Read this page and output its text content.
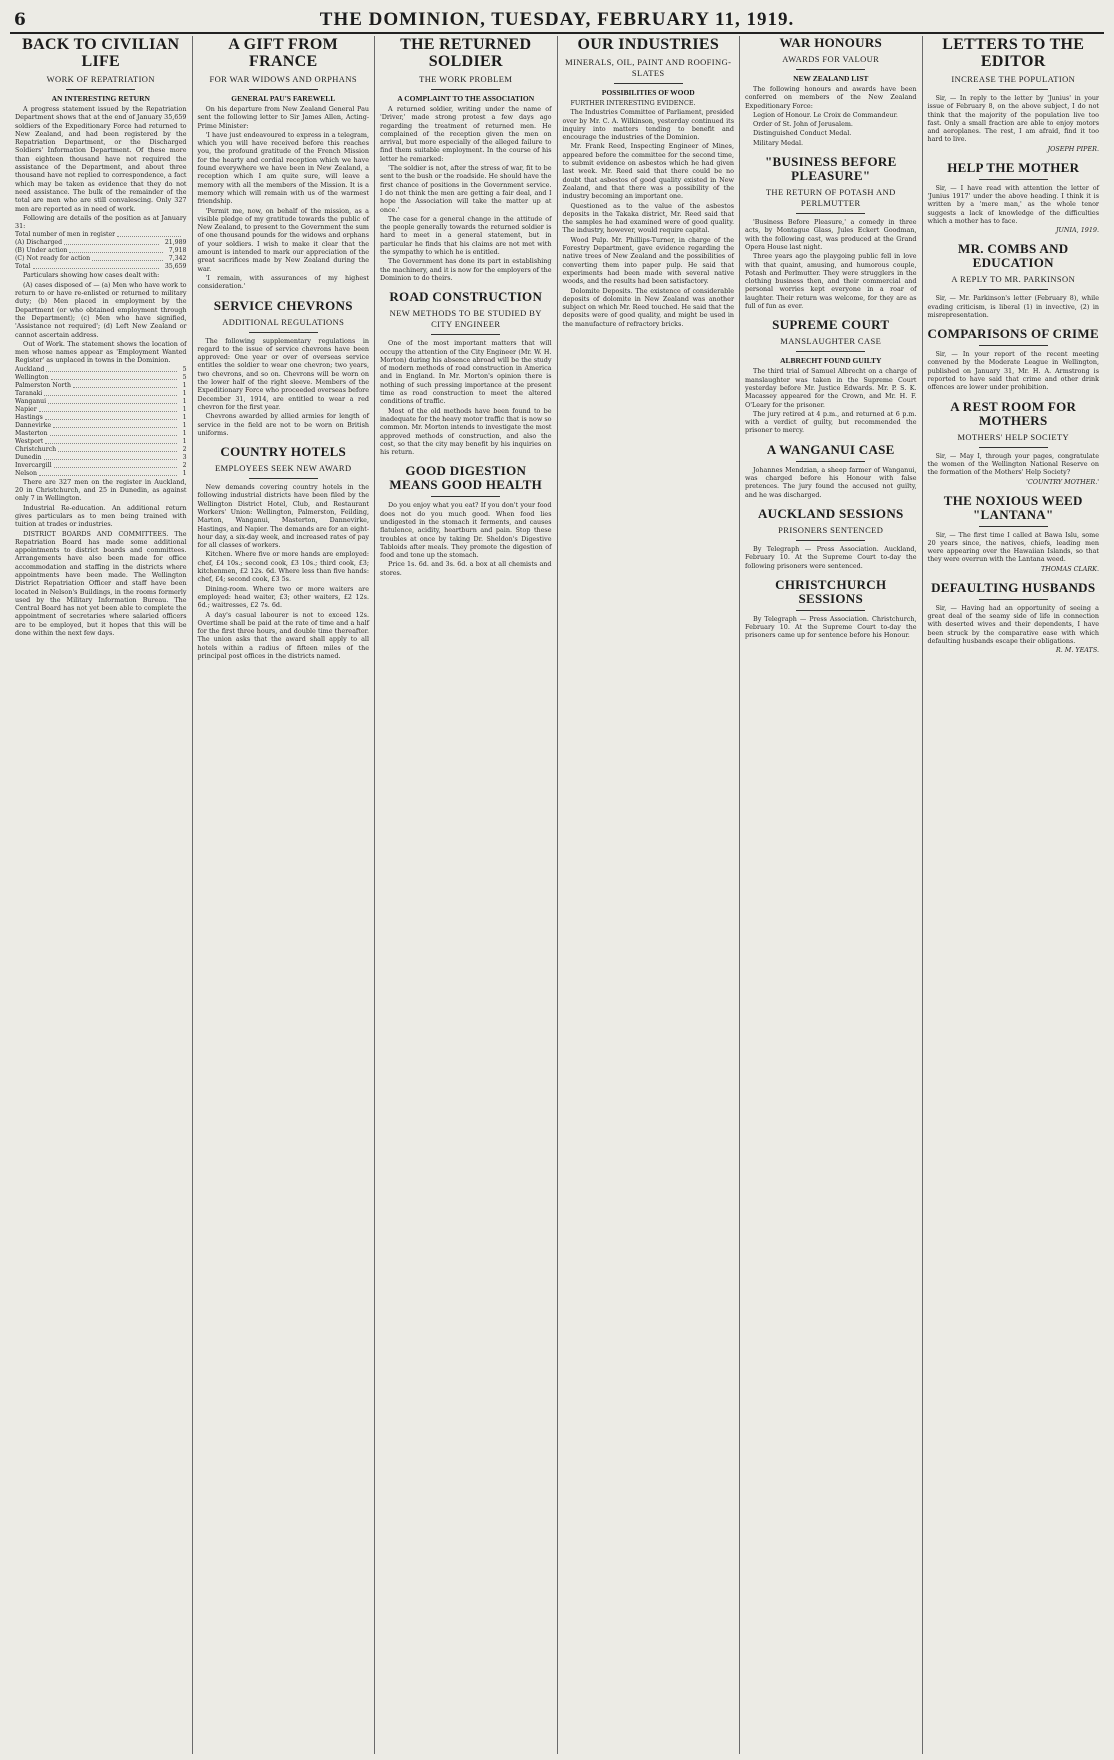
6	THE DOMINION, TUESDAY, FEBRUARY 11, 1919.
BACK TO CIVILIAN LIFE
WORK OF REPATRIATION
AN INTERESTING RETURN

A progress statement issued by the Repatriation Department shows that at the end of January 35,659 soldiers of the Expeditionary Force had returned to New Zealand, and had been registered by the Repatriation Department, or the Discharged Soldiers' Information Department. Of these more than eighteen thousand have not required the assistance of the Department, and about three thousand have not replied to correspondence, a fact which may be taken as evidence that they do not need assistance. The bulk of the remainder of the total are men who are still convalescing. Only 327 men are reported as in need of work.

Following are details of the position as at January 31:

Total number of men in register
(A) Discharged	21,989
(B) Under action	7,918
(C) Not ready for action	7,342
Total	35,659

Particulars showing how cases dealt with:

(A) cases disposed of — (a) Men who have work to return to or have re-enlisted or returned to military duty; (b) Men placed in employment by the Department (or who obtained employment through the Department); (c) Men who have signified, 'Assistance not required'; (d) Left New Zealand or cannot ascertain address.

Out of Work. The statement shows the location of men whose names appear as 'Employment Wanted Register' as unplaced in towns in the Dominion.

Auckland	5
Wellington	5
Palmerston North	1
Taranaki	1
Wanganui	1
Napier	1
Hastings	1
Dannevirke	1
Masterton	1
Westport	1
Christchurch	2
Dunedin	3
Invercargill	2
Nelson	1

There are 327 men on the register in Auckland, 20 in Christchurch, and 25 in Dunedin, as against only 7 in Wellington.

Industrial Re-education. An additional return gives particulars as to men being trained with tuition at trades or industries.

DISTRICT BOARDS AND COMMITTEES. The Repatriation Board has made some additional appointments to district boards and committees. Arrangements have also been made for office accommodation and staffing in the districts where appointments have been made. The Wellington District Repatriation Officer and staff have been located in Nelson's Buildings, in the rooms formerly used by the Military Information Bureau. The Central Board has not yet been able to complete the appointment of secretaries where salaried officers are to be employed, but it hopes that this will be done within the next few days.

A GIFT FROM FRANCE
FOR WAR WIDOWS AND ORPHANS
GENERAL PAU'S FAREWELL

On his departure from New Zealand General Pau sent the following letter to Sir James Allen, Acting-Prime Minister:

'I have just endeavoured to express in a telegram, which you will have received before this reaches you, the profound gratitude of the French Mission for the hearty and cordial reception which we have found everywhere we have been in New Zealand, a reception which I am quite sure, will leave a memory with all the members of the Mission. It is a memory which will remain with us of the warmest friendship.

'Permit me, now, on behalf of the mission, as a visible pledge of my gratitude towards the public of New Zealand, to present to the Government the sum of one thousand pounds for the widows and orphans of your soldiers. I wish to make it clear that the amount is intended to mark our appreciation of the great sacrifices made by New Zealand during the war.

'I remain, with assurances of my highest consideration.'

SERVICE CHEVRONS
ADDITIONAL REGULATIONS

The following supplementary regulations in regard to the issue of service chevrons have been approved: One year or over of overseas service entitles the soldier to wear one chevron; two years, two chevrons, and so on. Chevrons will be worn on the lower half of the right sleeve. Members of the Expeditionary Force who proceeded overseas before December 31, 1914, are entitled to wear a red chevron for the first year.

Chevrons awarded by allied armies for length of service in the field are not to be worn on British uniforms.

COUNTRY HOTELS
EMPLOYEES SEEK NEW AWARD

New demands covering country hotels in the following industrial districts have been filed by the Wellington District Hotel, Club, and Restaurant Workers' Union: Wellington, Palmerston, Feilding, Marton, Wanganui, Masterton, Dannevirke, Hastings, and Napier. The demands are for an eight-hour day, a six-day week, and increased rates of pay for all classes of workers.

Kitchen. Where five or more hands are employed: chef, £4 10s.; second cook, £3 10s.; third cook, £3; kitchenmen, £2 12s. 6d. Where less than five hands: chef, £4; second cook, £3 5s.

Dining-room. Where two or more waiters are employed: head waiter, £3; other waiters, £2 12s. 6d.; waitresses, £2 7s. 6d.

A day's casual labourer is not to exceed 12s. Overtime shall be paid at the rate of time and a half for the first three hours, and double time thereafter. The union asks that the award shall apply to all hotels within a radius of fifteen miles of the principal post offices in the districts named.

THE RETURNED SOLDIER
THE WORK PROBLEM
A COMPLAINT TO THE ASSOCIATION

A returned soldier, writing under the name of 'Driver,' made strong protest a few days ago regarding the treatment of returned men. He complained of the reception given the men on arrival, but more especially of the alleged failure to find them suitable employment. In the course of his letter he remarked:

'The soldier is not, after the stress of war, fit to be sent to the bush or the roadside. He should have the first chance of positions in the Government service. I do not think the men are getting a fair deal, and I hope the Association will take the matter up at once.'

The case for a general change in the attitude of the people generally towards the returned soldier is hard to meet in a general statement, but in particular he finds that his claims are not met with the sympathy to which he is entitled.

The Government has done its part in establishing the machinery, and it is now for the employers of the Dominion to do theirs.

ROAD CONSTRUCTION
NEW METHODS TO BE STUDIED BY CITY ENGINEER

One of the most important matters that will occupy the attention of the City Engineer (Mr. W. H. Morton) during his absence abroad will be the study of modern methods of road construction in America and in England. In Mr. Morton's opinion there is nothing of such pressing importance at the present time as road construction to meet the altered conditions of traffic.

Most of the old methods have been found to be inadequate for the heavy motor traffic that is now so common. Mr. Morton intends to investigate the most approved methods of construction, and also the cost, so that the city may benefit by his inquiries on his return.

GOOD DIGESTION MEANS GOOD HEALTH

Do you enjoy what you eat? If you don't your food does not do you much good. When food lies undigested in the stomach it ferments, and causes flatulence, acidity, heartburn and pain. Stop these troubles at once by taking Dr. Sheldon's Digestive Tabloids after meals. They promote the digestion of food and tone up the stomach.

Price 1s. 6d. and 3s. 6d. a box at all chemists and stores.

OUR INDUSTRIES
MINERALS, OIL, PAINT AND ROOFING-SLATES
POSSIBILITIES OF WOOD

FURTHER INTERESTING EVIDENCE.

The Industries Committee of Parliament, presided over by Mr. C. A. Wilkinson, yesterday continued its inquiry into matters tending to benefit and encourage the industries of the Dominion.

Mr. Frank Reed, Inspecting Engineer of Mines, appeared before the committee for the second time, to submit evidence on asbestos which he had given last week. Mr. Reed said that there could be no doubt that asbestos of good quality existed in New Zealand, and that there was a possibility of the industry becoming an important one.

Questioned as to the value of the asbestos deposits in the Takaka district, Mr. Reed said that the samples he had examined were of good quality. The industry, however, would require capital.

Wood Pulp. Mr. Phillips-Turner, in charge of the Forestry Department, gave evidence regarding the native trees of New Zealand and the possibilities of converting them into paper pulp. He said that experiments had been made with several native woods, and the results had been satisfactory.

Dolomite Deposits. The existence of considerable deposits of dolomite in New Zealand was another subject on which Mr. Reed touched. He said that the deposits were of good quality, and might be used in the manufacture of refractory bricks.

WAR HONOURS
AWARDS FOR VALOUR
NEW ZEALAND LIST

The following honours and awards have been conferred on members of the New Zealand Expeditionary Force:

Legion of Honour. Le Croix de Commandeur.

Order of St. John of Jerusalem.

Distinguished Conduct Medal.

Military Medal.

"BUSINESS BEFORE PLEASURE"
THE RETURN OF POTASH AND PERLMUTTER

'Business Before Pleasure,' a comedy in three acts, by Montague Glass, Jules Eckert Goodman, with the following cast, was produced at the Grand Opera House last night.

Three years ago the playgoing public fell in love with that quaint, amusing, and humorous couple, Potash and Perlmutter. They were strugglers in the clothing business then, and their commercial and personal worries kept everyone in a roar of laughter. Their return was welcome, for they are as full of fun as ever.

SUPREME COURT
MANSLAUGHTER CASE
ALBRECHT FOUND GUILTY

The third trial of Samuel Albrecht on a charge of manslaughter was taken in the Supreme Court yesterday before Mr. Justice Edwards. Mr. P. S. K. Macassey appeared for the Crown, and Mr. H. F. O'Leary for the prisoner.

The jury retired at 4 p.m., and returned at 6 p.m. with a verdict of guilty, but recommended the prisoner to mercy.

A WANGANUI CASE

Johannes Mendzian, a sheep farmer of Wanganui, was charged before his Honour with false pretences. The jury found the accused not guilty, and he was discharged.

AUCKLAND SESSIONS
PRISONERS SENTENCED

By Telegraph — Press Association. Auckland, February 10. At the Supreme Court to-day the following prisoners were sentenced.

CHRISTCHURCH SESSIONS

By Telegraph — Press Association. Christchurch, February 10. At the Supreme Court to-day the prisoners came up for sentence before his Honour.

LETTERS TO THE EDITOR
INCREASE THE POPULATION

Sir, — In reply to the letter by 'Junius' in your issue of February 8, on the above subject, I do not think that the majority of the population live too fast. Only a small fraction are able to enjoy motors and aeroplanes. The rest, I am afraid, find it too hard to live.

JOSEPH PIPER.
HELP THE MOTHER

Sir, — I have read with attention the letter of 'Junius 1917' under the above heading. I think it is written by a 'mere man,' as the whole tenor suggests a lack of knowledge of the difficulties which a mother has to face.

JUNIA, 1919.
MR. COMBS AND EDUCATION
A REPLY TO MR. PARKINSON

Sir, — Mr. Parkinson's letter (February 8), while evading criticism, is liberal (1) in invective, (2) in misrepresentation.

COMPARISONS OF CRIME

Sir, — In your report of the recent meeting convened by the Moderate League in Wellington, published on January 31, Mr. H. A. Armstrong is reported to have said that crime and other drink offences are lower under prohibition.

A REST ROOM FOR MOTHERS
MOTHERS' HELP SOCIETY

Sir, — May I, through your pages, congratulate the women of the Wellington National Reserve on the formation of the Mothers' Help Society?

'COUNTRY MOTHER.'
THE NOXIOUS WEED "LANTANA"

Sir, — The first time I called at Bawa Islu, some 20 years since, the natives, chiefs, leading men were appearing over the Hawaiian Islands, so that they were overrun with the Lantana weed.

THOMAS CLARK.
DEFAULTING HUSBANDS

Sir, — Having had an opportunity of seeing a great deal of the seamy side of life in connection with deserted wives and their dependents, I have been struck by the comparative ease with which defaulting husbands escape their obligations.

R. M. YEATS.
